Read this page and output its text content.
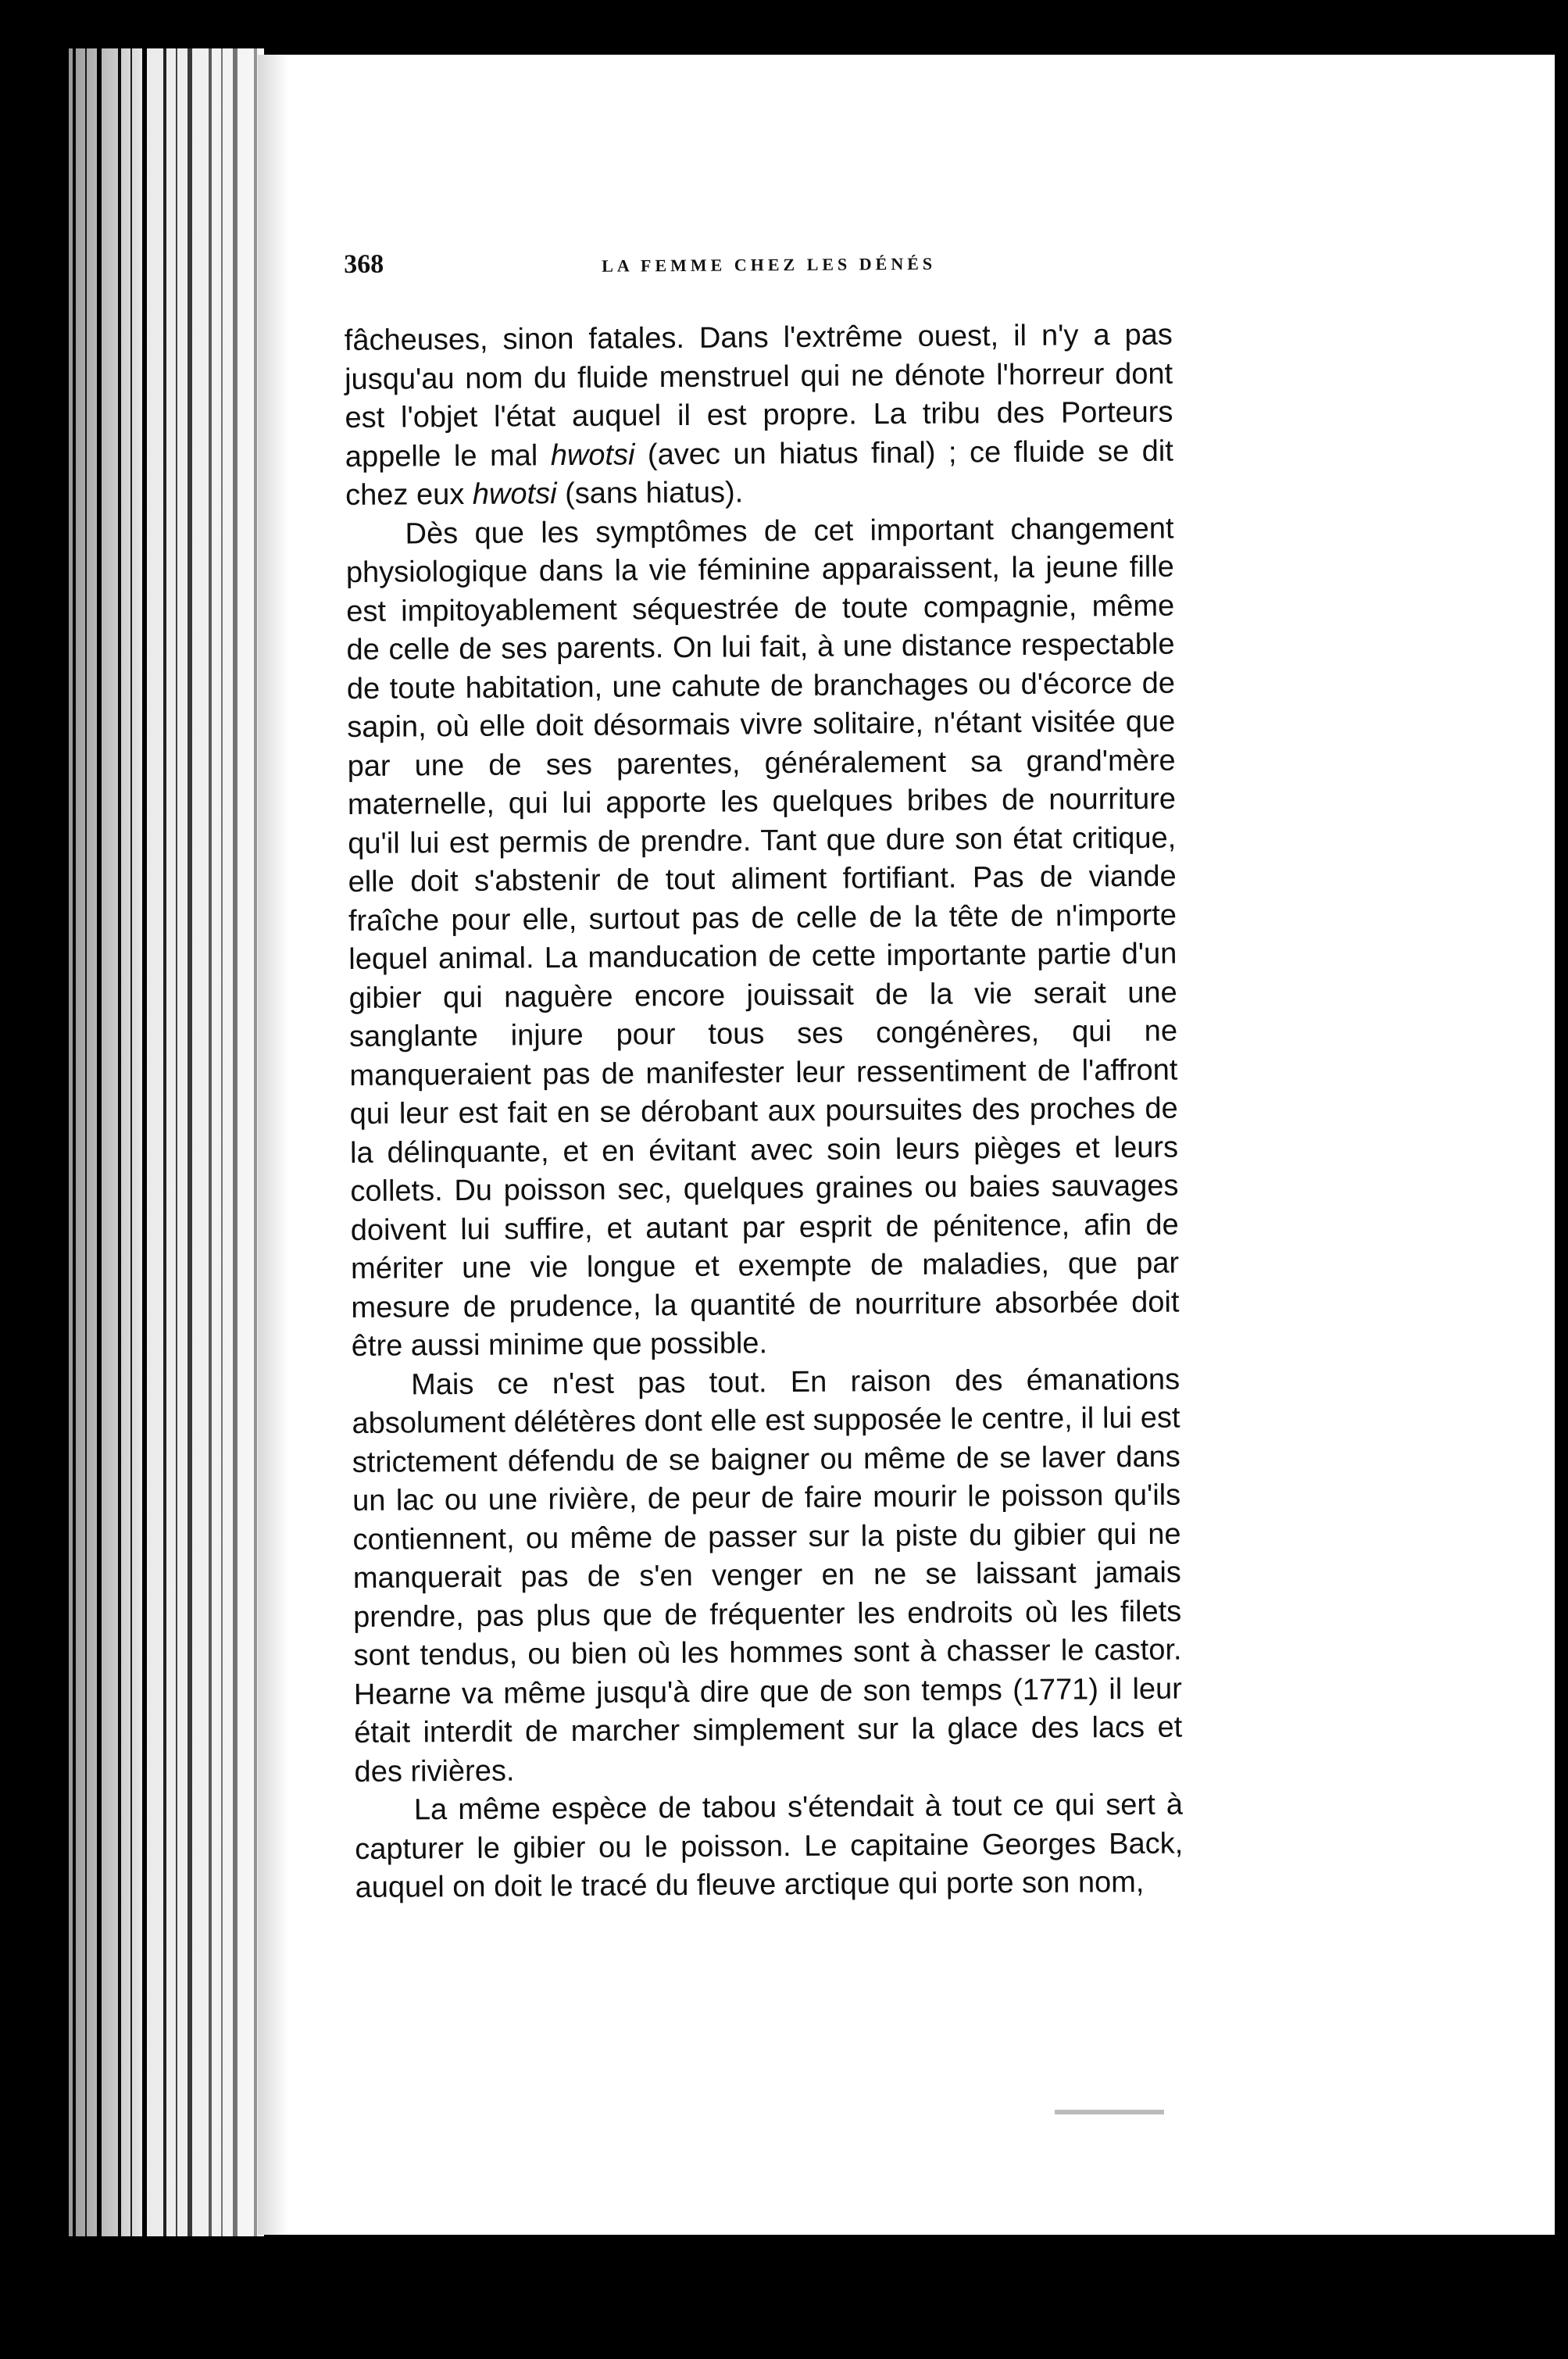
368	LA FEMME CHEZ LES DÉNÉS

fâcheuses, sinon fatales. Dans l'extrême ouest, il n'y a pas jusqu'au nom du fluide menstruel qui ne dénote l'horreur dont est l'objet l'état auquel il est propre. La tribu des Porteurs appelle le mal hwotsi (avec un hiatus final) ; ce fluide se dit chez eux hwotsi (sans hiatus).

Dès que les symptômes de cet important changement physiologique dans la vie féminine apparaissent, la jeune fille est impitoyablement séquestrée de toute compagnie, même de celle de ses parents. On lui fait, à une distance respectable de toute habitation, une cahute de branchages ou d'écorce de sapin, où elle doit désormais vivre solitaire, n'étant visitée que par une de ses parentes, généralement sa grand'mère maternelle, qui lui apporte les quelques bribes de nourriture qu'il lui est permis de prendre. Tant que dure son état critique, elle doit s'abstenir de tout aliment fortifiant. Pas de viande fraîche pour elle, surtout pas de celle de la tête de n'importe lequel animal. La manducation de cette importante partie d'un gibier qui naguère encore jouissait de la vie serait une sanglante injure pour tous ses congénères, qui ne manqueraient pas de manifester leur ressentiment de l'affront qui leur est fait en se dérobant aux poursuites des proches de la délinquante, et en évitant avec soin leurs pièges et leurs collets. Du poisson sec, quelques graines ou baies sauvages doivent lui suffire, et autant par esprit de pénitence, afin de mériter une vie longue et exempte de maladies, que par mesure de prudence, la quantité de nourriture absorbée doit être aussi minime que possible.

Mais ce n'est pas tout. En raison des émanations absolument délétères dont elle est supposée le centre, il lui est strictement défendu de se baigner ou même de se laver dans un lac ou une rivière, de peur de faire mourir le poisson qu'ils contiennent, ou même de passer sur la piste du gibier qui ne manquerait pas de s'en venger en ne se laissant jamais prendre, pas plus que de fréquenter les endroits où les filets sont tendus, ou bien où les hommes sont à chasser le castor. Hearne va même jusqu'à dire que de son temps (1771) il leur était interdit de marcher simplement sur la glace des lacs et des rivières.

La même espèce de tabou s'étendait à tout ce qui sert à capturer le gibier ou le poisson. Le capitaine Georges Back, auquel on doit le tracé du fleuve arctique qui porte son nom,
